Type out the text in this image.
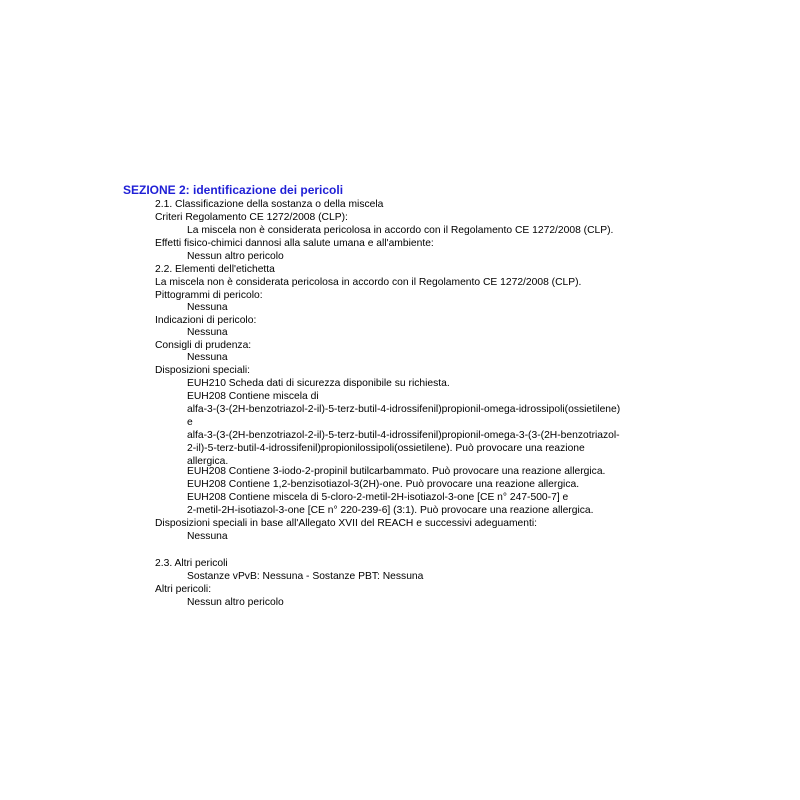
SEZIONE 2: identificazione dei pericoli
2.1. Classificazione della sostanza o della miscela
Criteri Regolamento CE 1272/2008 (CLP):
La miscela non è considerata pericolosa in accordo con il Regolamento CE 1272/2008 (CLP).
Effetti fisico-chimici dannosi alla salute umana e all'ambiente:
Nessun altro pericolo
2.2. Elementi dell'etichetta
La miscela non è considerata pericolosa in accordo con il Regolamento CE 1272/2008 (CLP).
Pittogrammi di pericolo:
Nessuna
Indicazioni di pericolo:
Nessuna
Consigli di prudenza:
Nessuna
Disposizioni speciali:
EUH210 Scheda dati di sicurezza disponibile su richiesta.
EUH208 Contiene miscela di
alfa-3-(3-(2H-benzotriazol-2-il)-5-terz-butil-4-idrossifenil)propionil-omega-idrossipoli(ossietilene)
e
alfa-3-(3-(2H-benzotriazol-2-il)-5-terz-butil-4-idrossifenil)propionil-omega-3-(3-(2H-benzotriazol-
2-il)-5-terz-butil-4-idrossifenil)propionilossipoli(ossietilene). Può provocare una reazione
allergica.
EUH208 Contiene 3-iodo-2-propinil butilcarbammato. Può provocare una reazione allergica.
EUH208 Contiene 1,2-benzisotiazol-3(2H)-one. Può provocare una reazione allergica.
EUH208 Contiene miscela di 5-cloro-2-metil-2H-isotiazol-3-one [CE n° 247-500-7] e
2-metil-2H-isotiazol-3-one [CE n° 220-239-6] (3:1). Può provocare una reazione allergica.
Disposizioni speciali in base all'Allegato XVII del REACH e successivi adeguamenti:
Nessuna
2.3. Altri pericoli
Sostanze vPvB: Nessuna - Sostanze PBT: Nessuna
Altri pericoli:
Nessun altro pericolo
